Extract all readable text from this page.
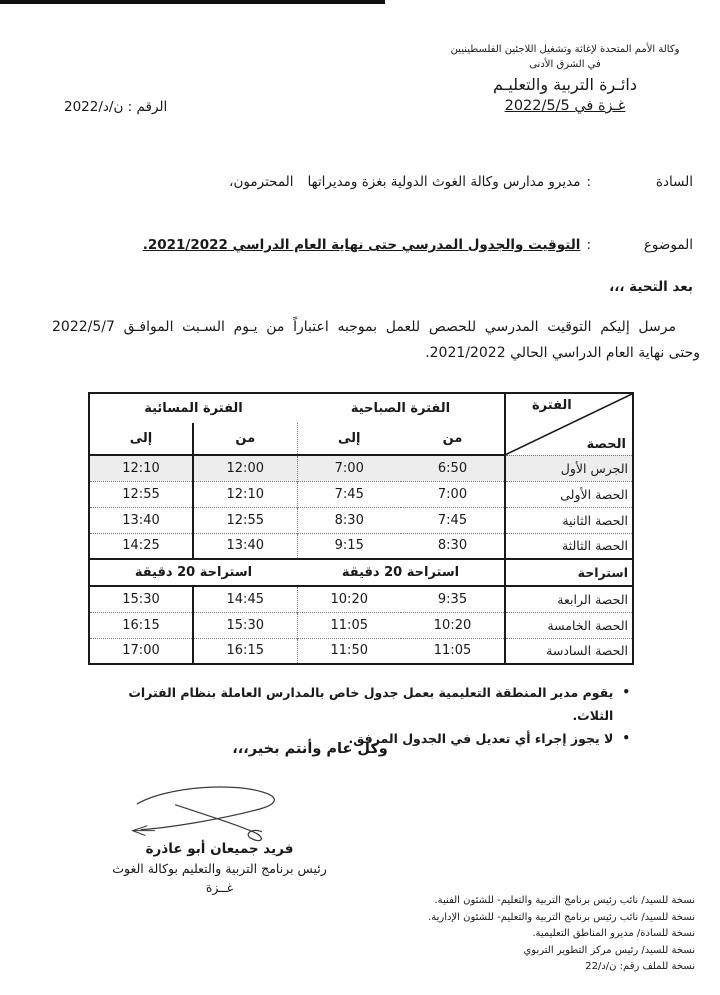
وكالة الأمم المتحدة لإغاثة وتشغيل اللاجئين الفلسطينيين
في الشرق الأدنى
دائـرة التربية والتعليـم
غـزة في 2022/5/5
الرقم : ن/د/2022
السادة:مديرو مدارس وكالة الغوث الدولية بغزة ومديراتهاالمحترمون،
الموضوع:التوقيت والجدول المدرسي حتى نهاية العام الدراسي 2021/2022.
بعد التحية ،،،
مرسل إليكم التوقيت المدرسي للحصص للعمل بموجبه اعتباراً من يـوم السـبت الموافـق 2022/5/7
وحتى نهاية العام الدراسي الحالي 2021/2022.
الفترة
الحصة	الفترة الصباحية		الفترة المسائية	
	من	إلى	من	إلى
الجرس الأول	6:50	7:00	12:00	12:10
الحصة الأولى	7:00	7:45	12:10	12:55
الحصة الثانية	7:45	8:30	12:55	13:40
الحصة الثالثة	8:30	9:15	13:40	14:25
استراحة	استراحة 20 دقيقة		استراحة 20 دقيقة	
الحصة الرابعة	9:35	10:20	14:45	15:30
الحصة الخامسة	10:20	11:05	15:30	16:15
الحصة السادسة	11:05	11:50	16:15	17:00
•
يقوم مدير المنطقة التعليمية بعمل جدول خاص بالمدارس العاملة بنظام الفترات الثلاث.
•
لا يجوز إجراء أي تعديل في الجدول المرفق.
وكل عام وأنتم بخير،،،
فريد جميعان أبو عاذرة
رئيس برنامج التربية والتعليم بوكالة الغوث
غــزة
نسخة للسيد/ نائب رئيس برنامج التربية والتعليم- للشئون الفنية.
نسخة للسيد/ نائب رئيس برنامج التربية والتعليم- للشئون الإدارية.
نسخة للسادة/ مديرو المناطق التعليمية.
نسخة للسيد/ رئيس مركز التطوير التربوي
نسخة للملف رقم: ن/د/22
